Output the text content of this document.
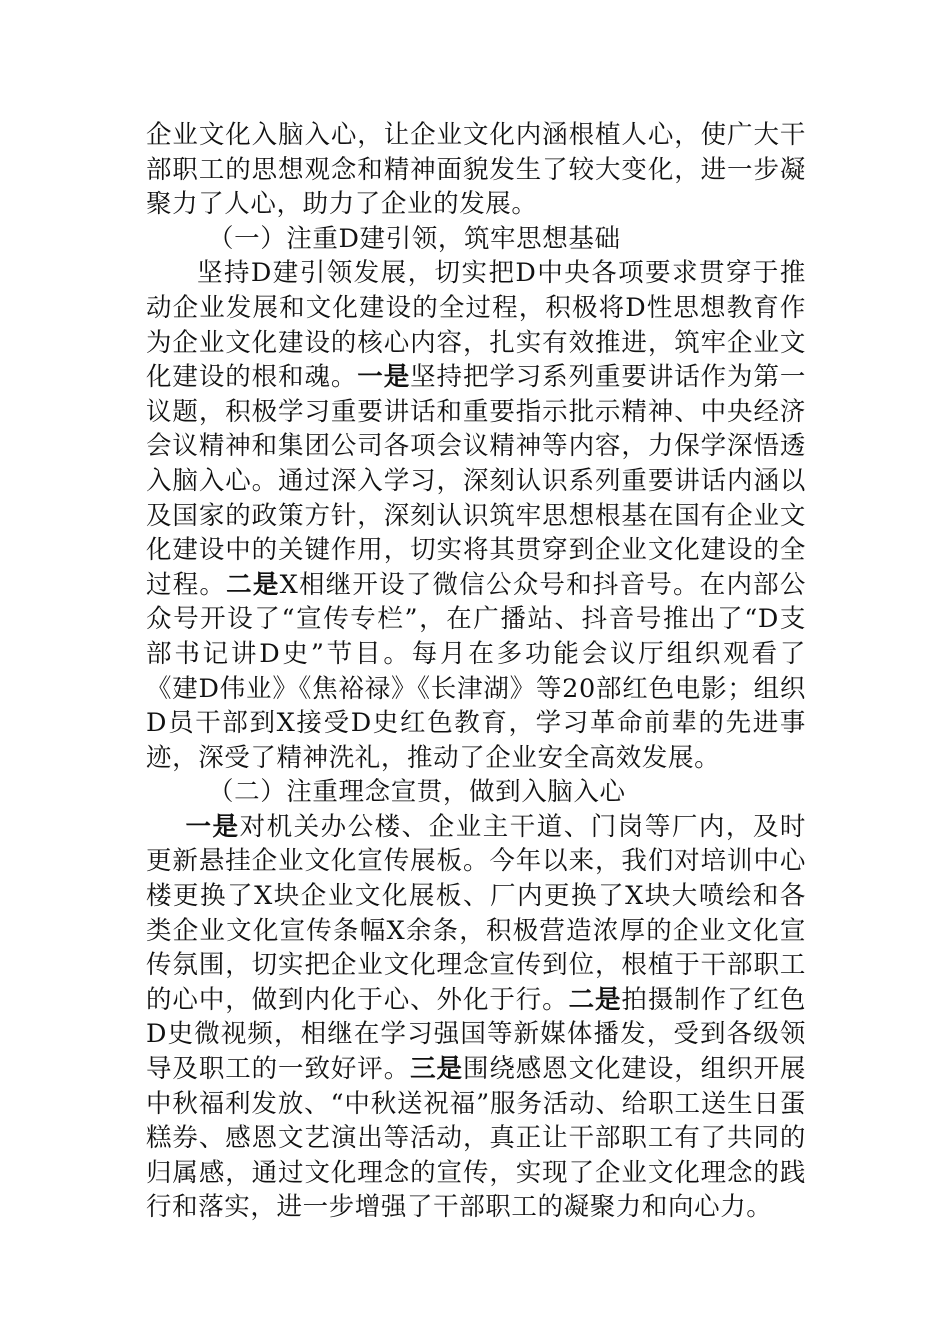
企业文化入脑入心，让企业文化内涵根植人心，使广大干部职工的思想观念和精神面貌发生了较大变化，进一步凝聚力了人心，助力了企业的发展。

（一）注重D建引领，筑牢思想基础

坚持D建引领发展，切实把D中央各项要求贯穿于推动企业发展和文化建设的全过程，积极将D性思想教育作为企业文化建设的核心内容，扎实有效推进，筑牢企业文化建设的根和魂。一是坚持把学习系列重要讲话作为第一议题，积极学习重要讲话和重要指示批示精神、中央经济会议精神和集团公司各项会议精神等内容，力保学深悟透入脑入心。通过深入学习，深刻认识系列重要讲话内涵以及国家的政策方针，深刻认识筑牢思想根基在国有企业文化建设中的关键作用，切实将其贯穿到企业文化建设的全过程。二是X相继开设了微信公众号和抖音号。在内部公众号开设了“宣传专栏”，在广播站、抖音号推出了“D支部书记讲D史”节目。每月在多功能会议厅组织观看了《建D伟业》《焦裕禄》《长津湖》等20部红色电影；组织D员干部到X接受D史红色教育，学习革命前辈的先进事迹，深受了精神洗礼，推动了企业安全高效发展。

（二）注重理念宣贯，做到入脑入心

一是对机关办公楼、企业主干道、门岗等厂内，及时更新悬挂企业文化宣传展板。今年以来，我们对培训中心楼更换了X块企业文化展板、厂内更换了X块大喷绘和各类企业文化宣传条幅X余条，积极营造浓厚的企业文化宣传氛围，切实把企业文化理念宣传到位，根植于干部职工的心中，做到内化于心、外化于行。二是拍摄制作了红色D史微视频，相继在学习强国等新媒体播发，受到各级领导及职工的一致好评。三是围绕感恩文化建设，组织开展中秋福利发放、“中秋送祝福”服务活动、给职工送生日蛋糕券、感恩文艺演出等活动，真正让干部职工有了共同的归属感，通过文化理念的宣传，实现了企业文化理念的践行和落实，进一步增强了干部职工的凝聚力和向心力。
